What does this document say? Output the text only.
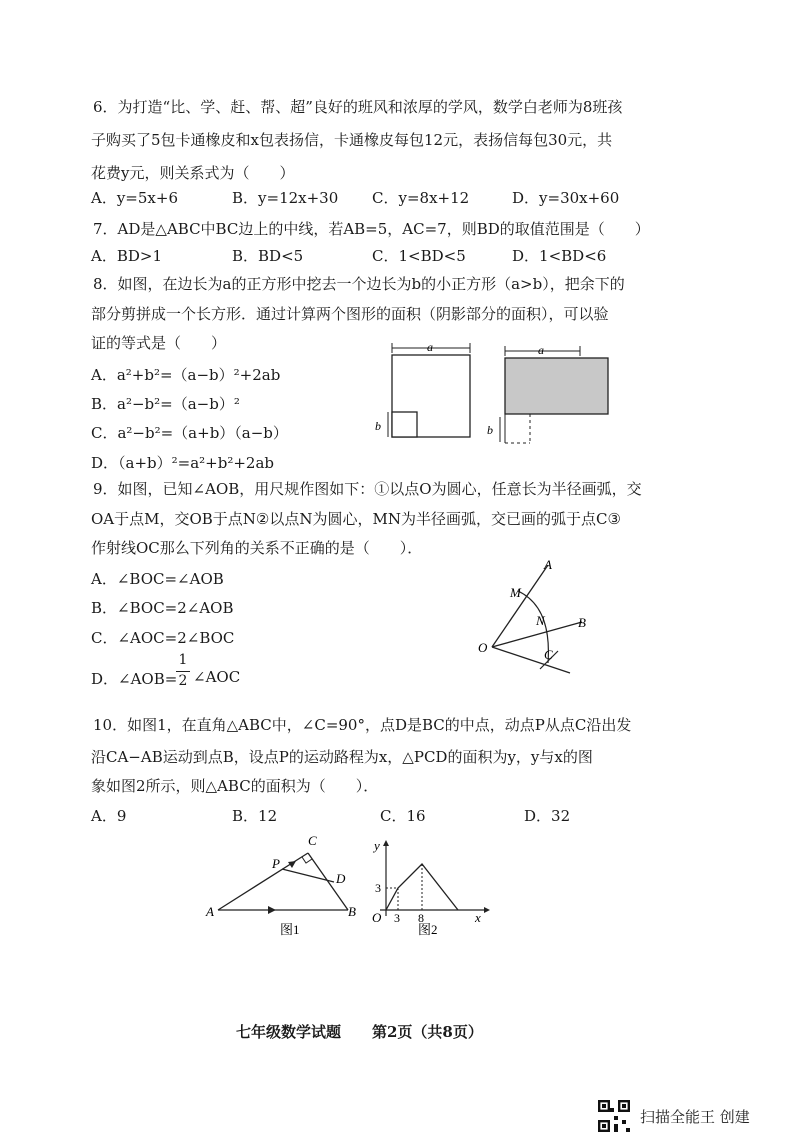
6．为打造“比、学、赶、帮、超”良好的班风和浓厚的学风，数学白老师为8班孩
子购买了5包卡通橡皮和x包表扬信，卡通橡皮每包12元，表扬信每包30元，共
花费y元，则关系式为（　　）
A．y=5x+6	B．y=12x+30 C．y=8x+12	D．y=30x+60
7．AD是△ABC中BC边上的中线，若AB=5，AC=7，则BD的取值范围是（　　）
A．BD>1	B．BD<5	C．1<BD<5	D．1<BD<6
8．如图，在边长为a的正方形中挖去一个边长为b的小正方形（a>b），把余下的
部分剪拼成一个长方形．通过计算两个图形的面积（阴影部分的面积），可以验
证的等式是（　　）
A．a²+b²=（a−b）²+2ab
B．a²−b²=（a−b）²
C．a²−b²=（a+b）（a−b）
D．（a+b）²=a²+b²+2ab
a
b
a
b
9．如图，已知∠AOB，用尺规作图如下：①以点O为圆心，任意长为半径画弧，交
OA于点M，交OB于点N②以点N为圆心，MN为半径画弧，交已画的弧于点C③
作射线OC那么下列角的关系不正确的是（　　）．
A．∠BOC=∠AOB
B．∠BOC=2∠AOB
C．∠AOC=2∠BOC
D．∠AOB=
1
2 ∠AOC
A
M
N	B
O	C
10．如图1，在直角△ABC中，∠C=90°，点D是BC的中点，动点P从点C沿出发
沿CA−AB运动到点B，设点P的运动路程为x，△PCD的面积为y，y与x的图
象如图2所示，则△ABC的面积为（　　）．
A．9	B．12	C．16	D．32
C
P
D
A	B
图1
y
x
O 3 8
3
图2
七年级数学试题 第2页（共8页）
扫描全能王 创建
